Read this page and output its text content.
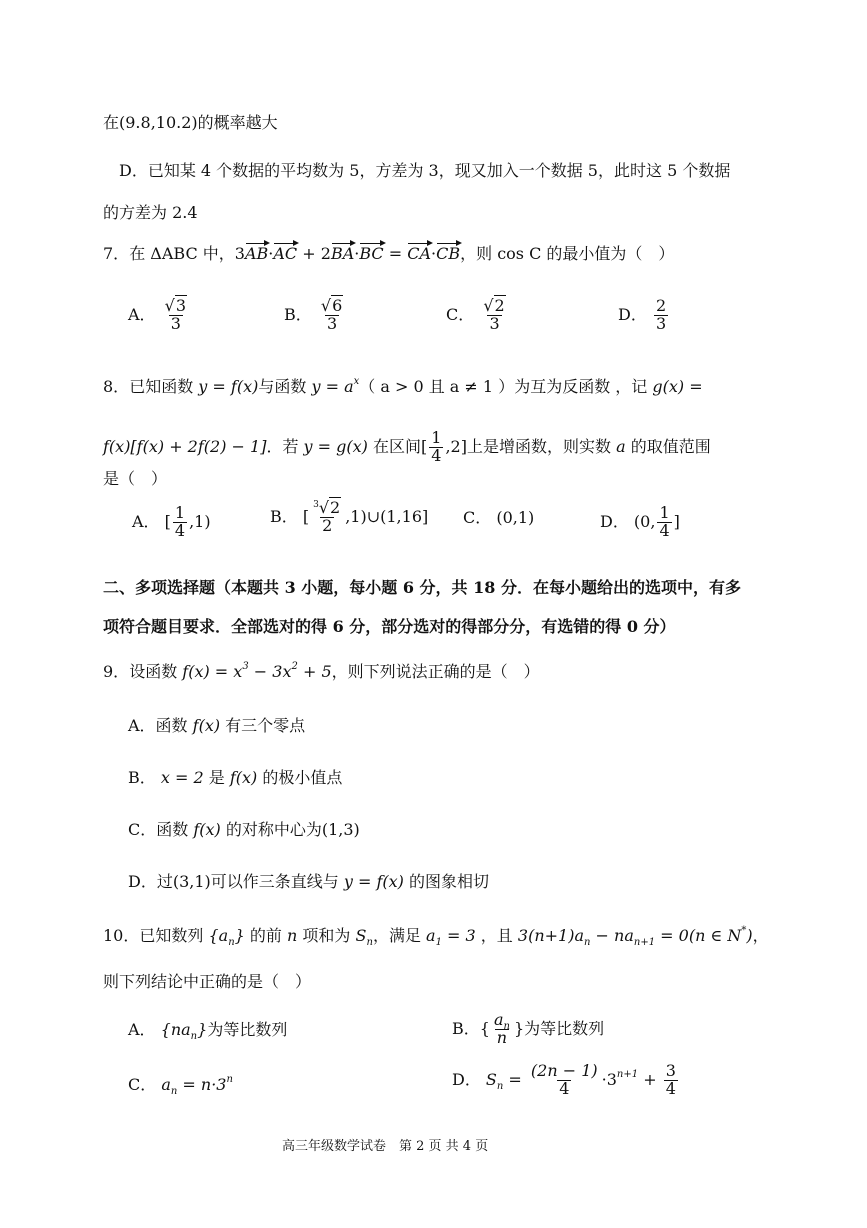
在(9.8,10.2)的概率越大
D．已知某 4 个数据的平均数为 5，方差为 3，现又加入一个数据 5，此时这 5 个数据
的方差为 2.4
7．在 ΔABC 中，3AB·AC + 2BA·BC = CA·CB，则 cos C 的最小值为（　）
A． $\frac{√3}{3}$	B． $\frac{√6}{3}$	C． $\frac{√2}{3}$	D． $\frac{2}{3}$
8．已知函数 y = f(x)与函数 $y = a^x$（ a > 0 且 a ≠ 1 ）为互为反函数 ，记 g(x) =
f(x)[f(x) + 2f(2) − 1]．若 y = g(x) 在区间[ $\frac{1}{4} ,2$]上是增函数，则实数 a 的取值范围
是（　）
A． [ $\frac{1}{4} ,1$)	B． [ $\frac{^3√2}{2}$ ,1)∪(1,16] C． (0,1)	D． (0, $\frac{1}{4}$ ]
二、多项选择题（本题共 3 小题，每小题 6 分，共 18 分．在每小题给出的选项中，有多
项符合题目要求．全部选对的得 6 分，部分选对的得部分分，有选错的得 0 分）
9．设函数 $f(x) = x^3 - 3x^2 + 5$，则下列说法正确的是（　）
A．函数 f(x) 有三个零点
B． x = 2 是 f(x) 的极小值点
C．函数 f(x) 的对称中心为(1,3)
D．过(3,1)可以作三条直线与 y = f(x) 的图象相切
10．已知数列 $\{a_n\}$ 的前 n 项和为 $S_n$，满足 $a_1 = 3$ ，且 $3(n+1)a_n - na_{n+1} = 0(n$ ∈ N*)，
则下列结论中正确的是（　）
A． $\{na_n\}$为等比数列	B．{ $\frac{a_n}{n}$ }为等比数列
C． $a_n = n\cdot 3^n$	D． $S_n = \frac{(2n - 1)}{4} \cdot 3^{n+1} + \frac{3}{4}$
高三年级数学试卷　第 2 页 共 4 页
